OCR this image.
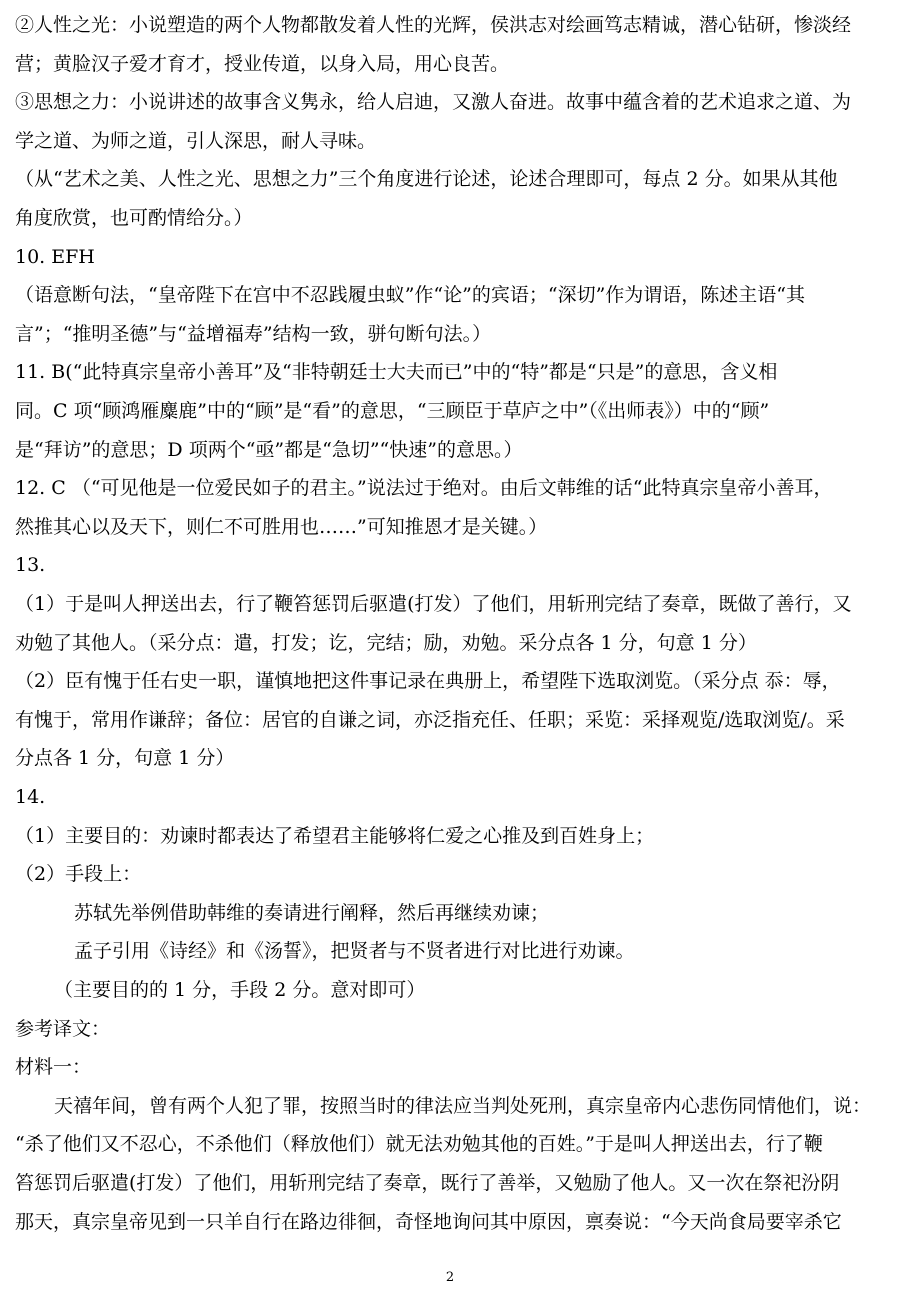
②人性之光：小说塑造的两个人物都散发着人性的光辉，侯洪志对绘画笃志精诚，潜心钻研，惨淡经
营；黄脸汉子爱才育才，授业传道，以身入局，用心良苦。
③思想之力：小说讲述的故事含义隽永，给人启迪，又激人奋进。故事中蕴含着的艺术追求之道、为
学之道、为师之道，引人深思，耐人寻味。
（从“艺术之美、人性之光、思想之力”三个角度进行论述，论述合理即可，每点 2 分。如果从其他
角度欣赏，也可酌情给分。）
10. EFH
（语意断句法，“皇帝陛下在宫中不忍践履虫蚁”作“论”的宾语；“深切”作为谓语，陈述主语“其
言”；“推明圣德”与“益增福寿”结构一致，骈句断句法。）
11. B(“此特真宗皇帝小善耳”及“非特朝廷士大夫而已”中的“特”都是“只是”的意思，含义相
同。C 项“顾鸿雁麋鹿”中的“顾”是“看”的意思，“三顾臣于草庐之中”（《出师表》）中的“顾”
是“拜访”的意思；D 项两个“亟”都是“急切”“快速”的意思。）
12. C （“可见他是一位爱民如子的君主。”说法过于绝对。由后文韩维的话“此特真宗皇帝小善耳，
然推其心以及天下，则仁不可胜用也……”可知推恩才是关键。）
13.
（1）于是叫人押送出去，行了鞭笞惩罚后驱遣(打发）了他们，用斩刑完结了奏章，既做了善行，又
劝勉了其他人。（采分点：遣，打发；讫，完结；励，劝勉。采分点各 1 分，句意 1 分）
（2）臣有愧于任右史一职，谨慎地把这件事记录在典册上，希望陛下选取浏览。（采分点 忝：辱，
有愧于，常用作谦辞；备位：居官的自谦之词，亦泛指充任、任职；采览：采择观览/选取浏览/。采
分点各 1 分，句意 1 分）
14.
（1）主要目的：劝谏时都表达了希望君主能够将仁爱之心推及到百姓身上；
（2）手段上：
苏轼先举例借助韩维的奏请进行阐释，然后再继续劝谏；
孟子引用《诗经》和《汤誓》，把贤者与不贤者进行对比进行劝谏。
（主要目的的 1 分，手段 2 分。意对即可）
参考译文：
材料一：
天禧年间，曾有两个人犯了罪，按照当时的律法应当判处死刑，真宗皇帝内心悲伤同情他们，说：
“杀了他们又不忍心，不杀他们（释放他们）就无法劝勉其他的百姓。”于是叫人押送出去，行了鞭
笞惩罚后驱遣(打发）了他们，用斩刑完结了奏章，既行了善举，又勉励了他人。又一次在祭祀汾阴
那天，真宗皇帝见到一只羊自行在路边徘徊，奇怪地询问其中原因，禀奏说：“今天尚食局要宰杀它
2
